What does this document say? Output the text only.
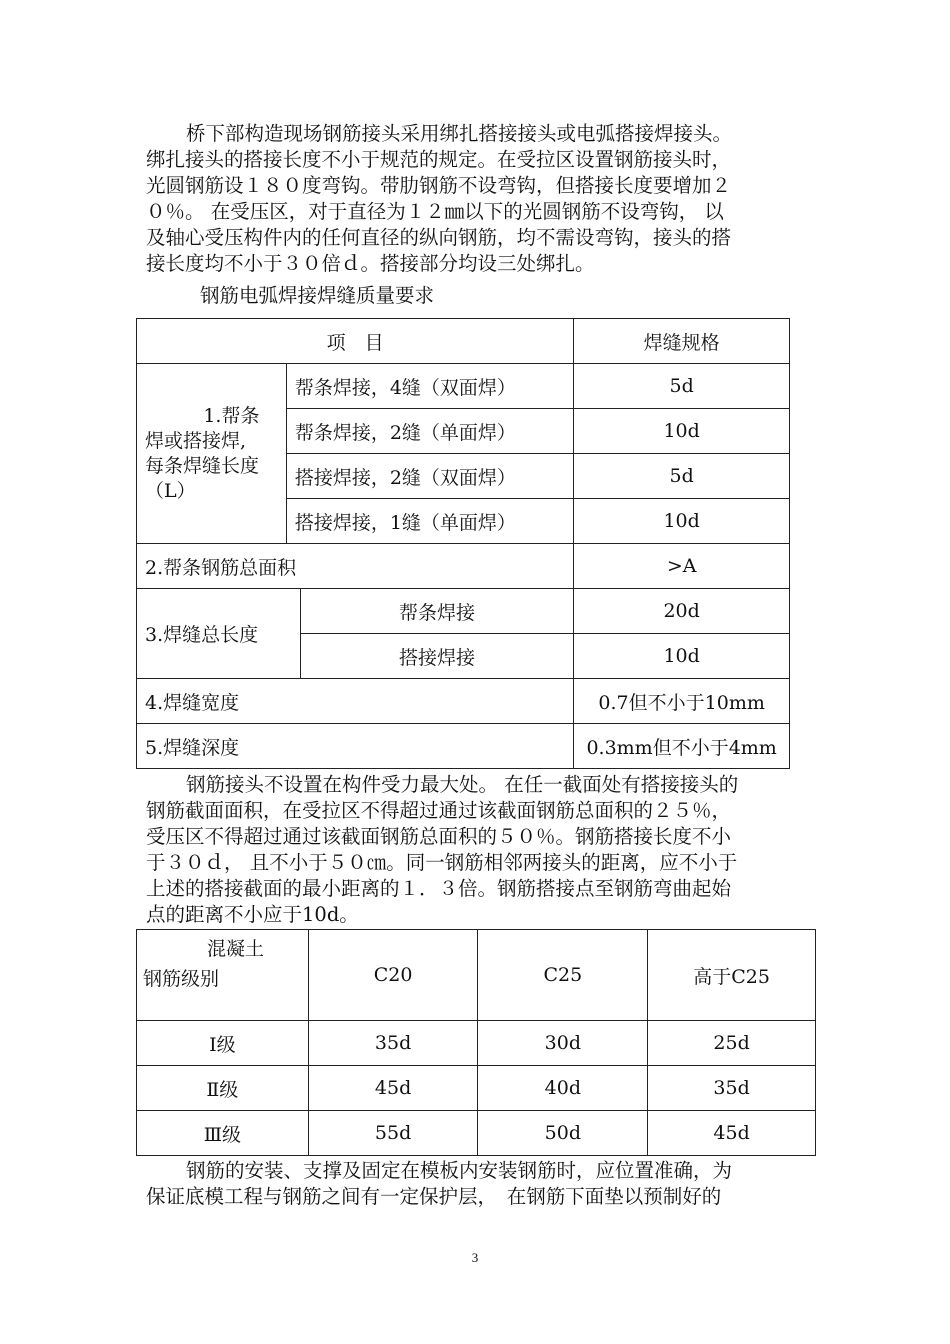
桥下部构造现场钢筋接头采用绑扎搭接接头或电弧搭接焊接头。
绑扎接头的搭接长度不小于规范的规定。在受拉区设置钢筋接头时，
光圆钢筋设１８０度弯钩。带肋钢筋不设弯钩，但搭接长度要增加２
０％。 在受压区，对于直径为１２㎜以下的光圆钢筋不设弯钩， 以
及轴心受压构件内的任何直径的纵向钢筋，均不需设弯钩，接头的搭
接长度均不小于３０倍ｄ。搭接部分均设三处绑扎。
钢筋电弧焊接焊缝质量要求
项　目			焊缝规格

1.帮条
焊或搭接焊,
每条焊缝长度
（L）	帮条焊接，4缝（双面焊）		5d
	帮条焊接，2缝（单面焊）		10d
	搭接焊接，2缝（双面焊）		5d
	搭接焊接，1缝（单面焊）		10d
2.帮条钢筋总面积			>A
3.焊缝总长度		帮条焊接	20d
		搭接焊接	10d
4.焊缝宽度			0.7但不小于10mm
5.焊缝深度			0.3mm但不小于4mm
钢筋接头不设置在构件受力最大处。 在任一截面处有搭接接头的
钢筋截面面积，在受拉区不得超过通过该截面钢筋总面积的２５％，
受压区不得超过通过该截面钢筋总面积的５０％。钢筋搭接长度不小
于３０ｄ， 且不小于５０㎝。同一钢筋相邻两接头的距离，应不小于
上述的搭接截面的最小距离的１．３倍。钢筋搭接点至钢筋弯曲起始
点的距离不小应于10d。
混凝土
钢筋级别	C20	C25	高于C25
Ⅰ级	35d	30d	25d
Ⅱ级	45d	40d	35d
Ⅲ级	55d	50d	45d
钢筋的安装、支撑及固定在模板内安装钢筋时，应位置准确，为
保证底模工程与钢筋之间有一定保护层，　在钢筋下面垫以预制好的
3
